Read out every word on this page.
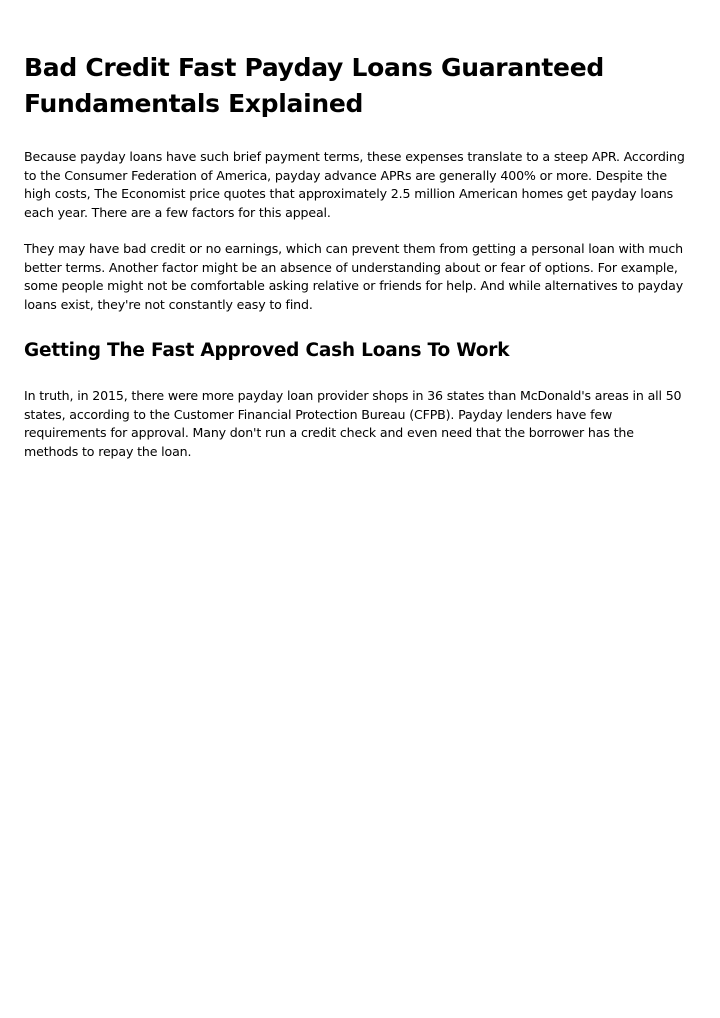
Bad Credit Fast Payday Loans Guaranteed Fundamentals Explained

Because payday loans have such brief payment terms, these expenses translate to a steep APR. According to the Consumer Federation of America, payday advance APRs are generally 400% or more. Despite the high costs, The Economist price quotes that approximately 2.5 million American homes get payday loans each year. There are a few factors for this appeal.

They may have bad credit or no earnings, which can prevent them from getting a personal loan with much better terms. Another factor might be an absence of understanding about or fear of options. For example, some people might not be comfortable asking relative or friends for help. And while alternatives to payday loans exist, they're not constantly easy to find.

Getting The Fast Approved Cash Loans To Work

In truth, in 2015, there were more payday loan provider shops in 36 states than McDonald's areas in all 50 states, according to the Customer Financial Protection Bureau (CFPB). Payday lenders have few requirements for approval. Many don't run a credit check and even need that the borrower has the methods to repay the loan.
